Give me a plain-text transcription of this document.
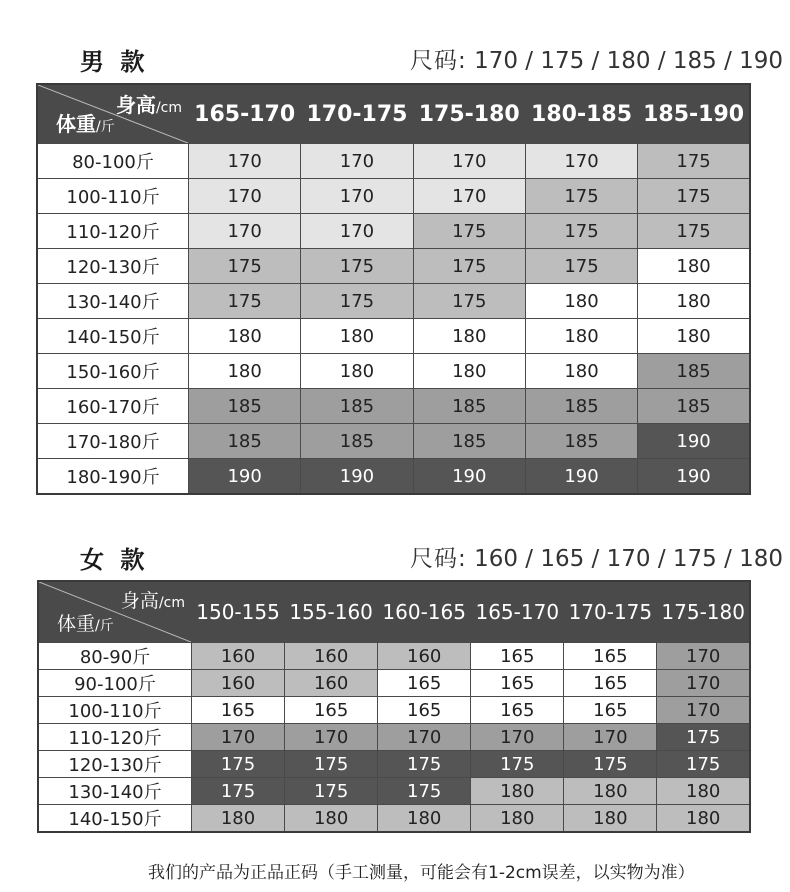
男 款	尺码: 170 / 175 / 180 / 185 / 190
身高/cm
体重/斤	165-170	170-175	175-180	180-185	185-190
80-100斤	170	170	170	170	175
100-110斤	170	170	170	175	175
110-120斤	170	170	175	175	175
120-130斤	175	175	175	175	180
130-140斤	175	175	175	180	180
140-150斤	180	180	180	180	180
150-160斤	180	180	180	180	185
160-170斤	185	185	185	185	185
170-180斤	185	185	185	185	190
180-190斤	190	190	190	190	190
女 款	尺码: 160 / 165 / 170 / 175 / 180
身高/cm
体重/斤	150-155	155-160	160-165	165-170	170-175	175-180
80-90斤	160	160	160	165	165	170
90-100斤	160	160	165	165	165	170
100-110斤	165	165	165	165	165	170
110-120斤	170	170	170	170	170	175
120-130斤	175	175	175	175	175	175
130-140斤	175	175	175	180	180	180
140-150斤	180	180	180	180	180	180
我们的产品为正品正码（手工测量，可能会有1-2cm误差，以实物为准）
